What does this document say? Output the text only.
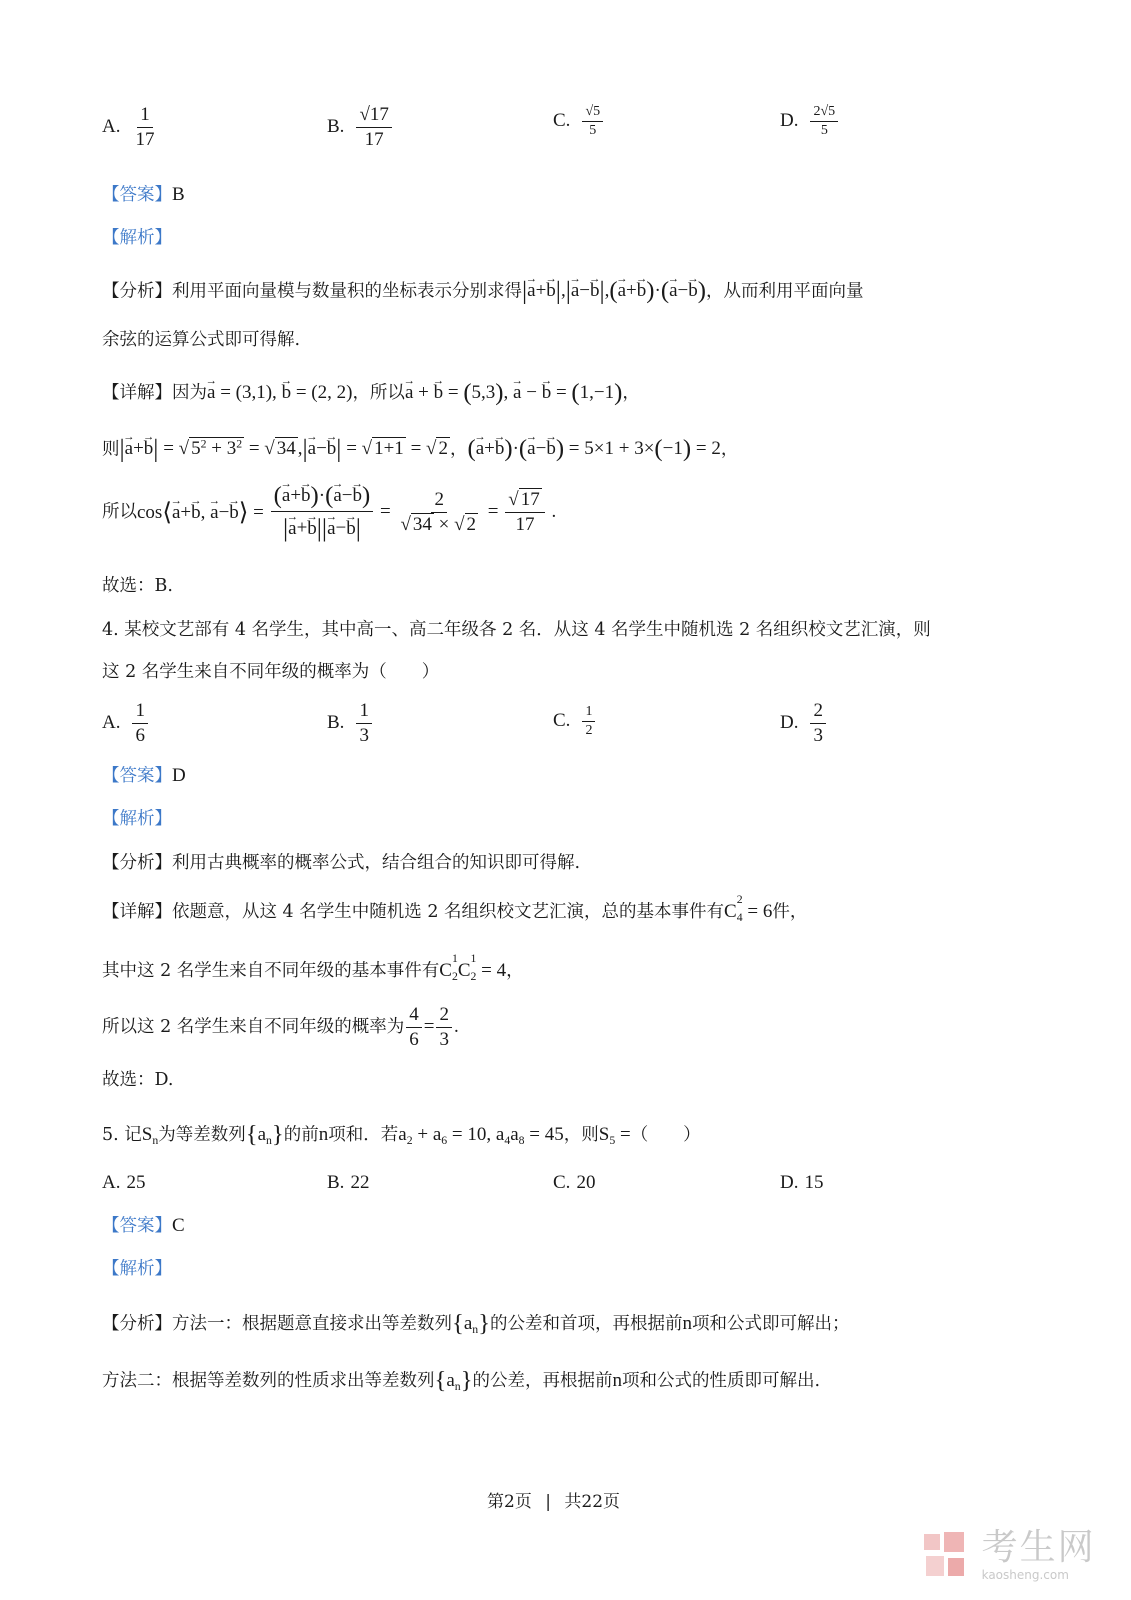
A. $\frac{1}{17}$	B. $\frac{√17}{17}$	C. $\frac{√5}{5}$	D. $\frac{2√5}{5}$
【答案】B
【解析】
【分析】利用平面向量模与数量积的坐标表示分别求得|→ a+→ b|,|→ a−→ b|,(→ a+→ b)·(→ a−→ b)，从而利用平面向量
余弦的运算公式即可得解.
【详解】因为→ a = (3,1), → b = (2, 2)，所以→ a + → b = (5,3), → a − → b = (1,−1)，
则|→ a+→ b| = √ $5^2 + 3^2$ = √ 34 ,|→ a−→ b| = √ 1+1 = √ 2 ，(→ a+→ b)·(→ a−→ b) = 5×1 + 3×(−1) = 2，
所以cos⟨→ a+→ b, → a−→ b⟩ = $\frac{(\to a+\to b)\cdot(\to a-\to b)}{|\to a+\to b||\to a-\to b|} = \frac{2}{√ 34 \times √ 2} = \frac{√ 17}{17}$ .
故选：B.
4. 某校文艺部有 4 名学生，其中高一、高二年级各 2 名．从这 4 名学生中随机选 2 名组织校文艺汇演，则
这 2 名学生来自不同年级的概率为（　　）
A. $\frac{1}{6}$	B. $\frac{1}{3}$	C. $\frac{1}{2}$	D. $\frac{2}{3}$
【答案】D
【解析】
【分析】利用古典概率的概率公式，结合组合的知识即可得解.
【详解】依题意，从这 4 名学生中随机选 2 名组织校文艺汇演，总的基本事件有C
$_{2 4}$ = 6件，
其中这 2 名学生来自不同年级的基本事件有C
$_{1 2}$C
$_{1 2}$ = 4，
所以这 2 名学生来自不同年级的概率为 $\frac{4}{6} = \frac{2}{3}$ .
故选：D.
5. 记$S_n$为等差数列$\{a_n\}$的前n项和．若$a_2 + a_6 = 10$, $a_4a_8 = 45$，则$S_5$ =（　　）
A. 25	B. 22	C. 20	D. 15
【答案】C
【解析】
【分析】方法一：根据题意直接求出等差数列$\{a_n\}$的公差和首项，再根据前n项和公式即可解出；
方法二：根据等差数列的性质求出等差数列$\{a_n\}$的公差，再根据前n项和公式的性质即可解出.
第2页 | 共22页

考生网
kaosheng.com
